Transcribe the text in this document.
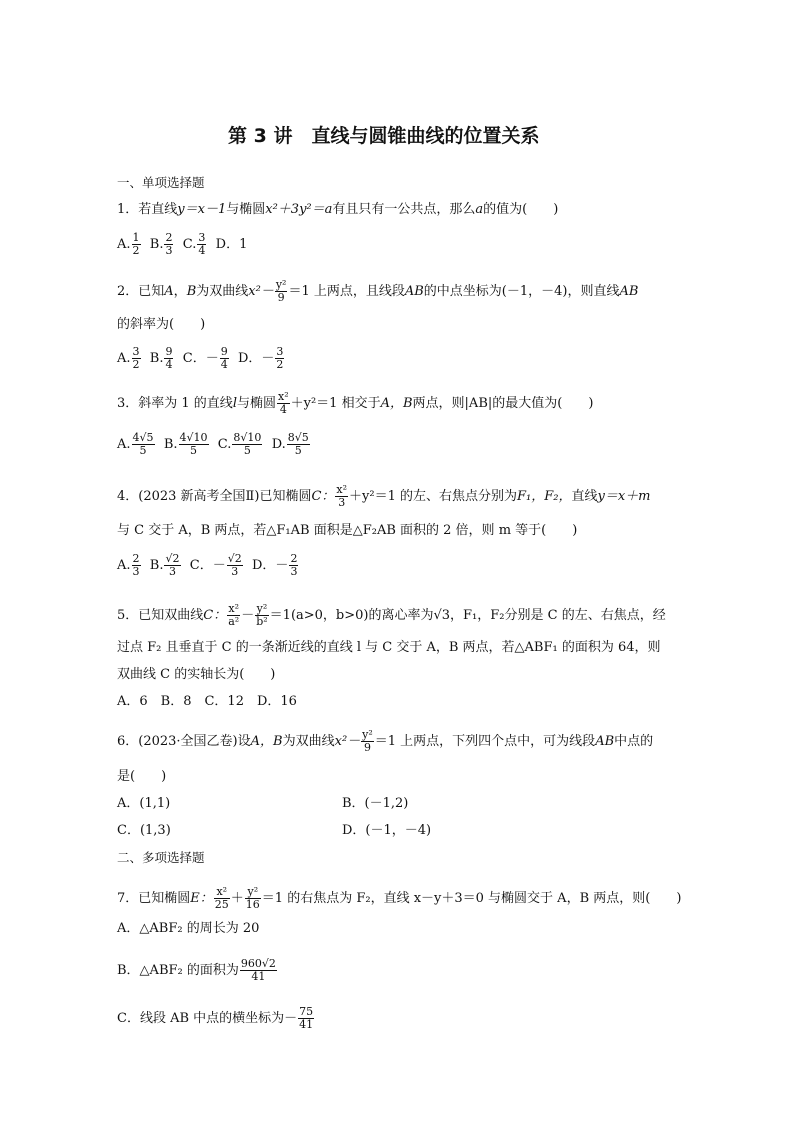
第 3 讲　直线与圆锥曲线的位置关系
一、单项选择题
1．若直线y＝x－1与椭圆x²＋3y²＝a有且只有一公共点，那么a的值为(　　)
A. $\frac{1}{2} B$. $\frac{2}{3} C$. $\frac{3}{4}$ D．1
2．已知A，B为双曲线$x^2- \frac{\text{y²}}{9} =1$ 上两点，且线段AB的中点坐标为(－1，－4)，则直线AB
的斜率为(　　)
A. $\frac{3}{2} B$. $\frac{9}{4}$ C．－ $\frac{9}{4}$ D．－ $\frac{3}{2}$
3．斜率为 1 的直线l与椭圆 $\frac{\text{x²}}{4} +y^2=1$ 相交于A，B两点，则|AB|的最大值为(　　)
A. $\frac{4√5}{5} B$. $\frac{4√10}{5} C$. $\frac{8√10}{5} D$. $\frac{8√5}{5}$
4．(2023 新高考全国Ⅱ)已知椭圆C： $\frac{\text{x²}}{3} +y^2=1$ 的左、右焦点分别为F₁，F₂，直线y＝x＋m
与 C 交于 A，B 两点，若△F₁AB 面积是△F₂AB 面积的 2 倍，则 m 等于(　　)
A. $\frac{2}{3} B$. $\frac{√2}{3}$ C．－ $\frac{√2}{3}$ D．－ $\frac{2}{3}$
5．已知双曲线C： $\frac{\text{x²}}{\text{a²}} - \frac{\text{y²}}{\text{b²}} =1(a>0$，b>0)的离心率为√3，F₁，F₂分别是 C 的左、右焦点，经
过点 F₂ 且垂直于 C 的一条渐近线的直线 l 与 C 交于 A，B 两点，若△ABF₁ 的面积为 64，则
双曲线 C 的实轴长为(　　)
A．6　B．8　C．12　D．16
6．(2023·全国乙卷)设A，B为双曲线$x^2- \frac{\text{y²}}{9} =1$ 上两点，下列四个点中，可为线段AB中点的
是(　　)
A．(1,1)	B．(－1,2)
C．(1,3)	D．(－1，－4)
二、多项选择题
7．已知椭圆E： $\frac{\text{x²}}{25} + \frac{\text{y²}}{16} =1$ 的右焦点为 F₂，直线 x－y＋3＝0 与椭圆交于 A，B 两点，则(　　)
A．△ABF₂ 的周长为 20
B．△ABF₂ 的面积为 $\frac{960√2}{41}$
C．线段 AB 中点的横坐标为－ $\frac{75}{41}$
